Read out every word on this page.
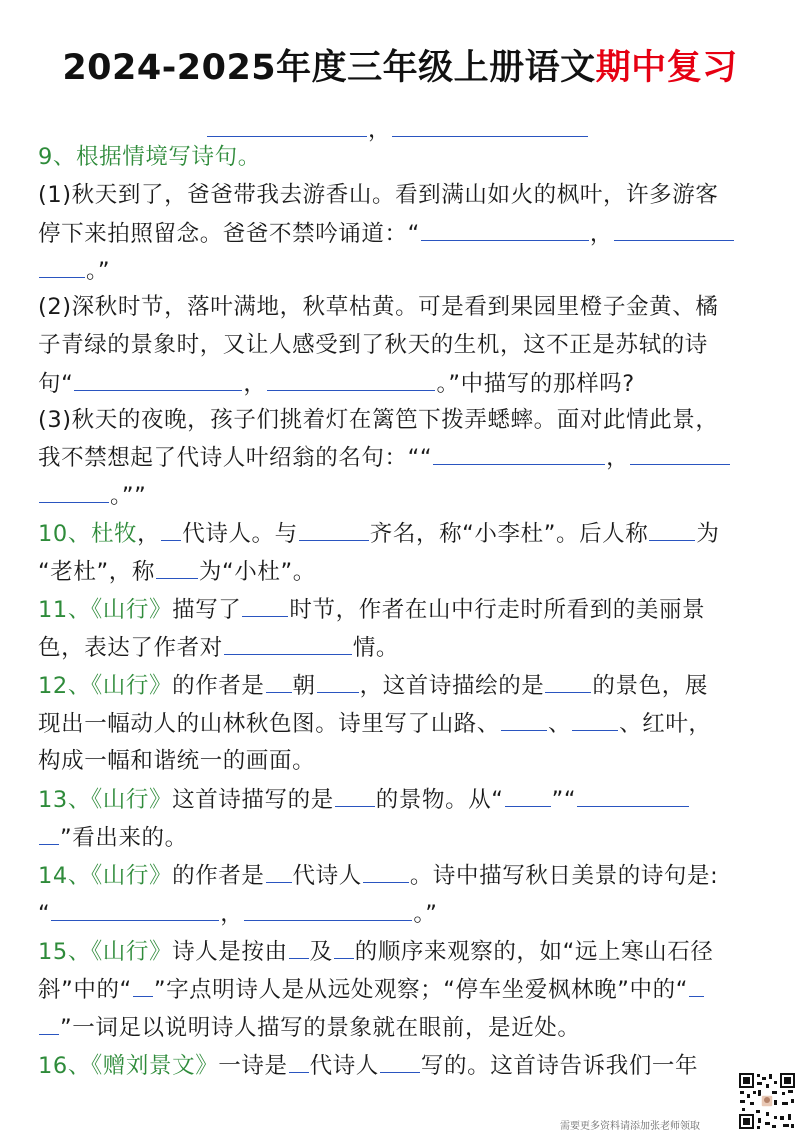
2024-2025年度三年级上册语文期中复习
，
9、根据情境写诗句。
(1)秋天到了，爸爸带我去游香山。看到满山如火的枫叶，许多游客
停下来拍照留念。爸爸不禁吟诵道：“	，
。”
(2)深秋时节，落叶满地，秋草枯黄。可是看到果园里橙子金黄、橘
子青绿的景象时，又让人感受到了秋天的生机，这不正是苏轼的诗
句“	，	。”中描写的那样吗?
(3)秋天的夜晚，孩子们挑着灯在篱笆下拨弄蟋蟀。面对此情此景，
我不禁想起了代诗人叶绍翁的名句：““	，
。””
10、杜牧， 代诗人。与	齐名，称“小李杜”。后人称 为
“老杜”，称 为“小杜”。
11、《山行》描写了 时节，作者在山中行走时所看到的美丽景
色，表达了作者对	情。
12、《山行》的作者是 朝 ，这首诗描绘的是 的景色，展
现出一幅动人的山林秋色图。诗里写了山路、 、 、红叶，
构成一幅和谐统一的画面。
13、《山行》这首诗描写的是 的景物。从“ ”“
”看出来的。
14、《山行》的作者是 代诗人 。诗中描写秋日美景的诗句是:
“	，	。”
15、《山行》诗人是按由 及 的顺序来观察的，如“远上寒山石径
斜”中的“ ”字点明诗人是从远处观察；“停车坐爱枫林晚”中的“
”一词足以说明诗人描写的景象就在眼前，是近处。
16、《赠刘景文》一诗是 代诗人 写的。这首诗告诉我们一年
需要更多资料请添加张老师领取
